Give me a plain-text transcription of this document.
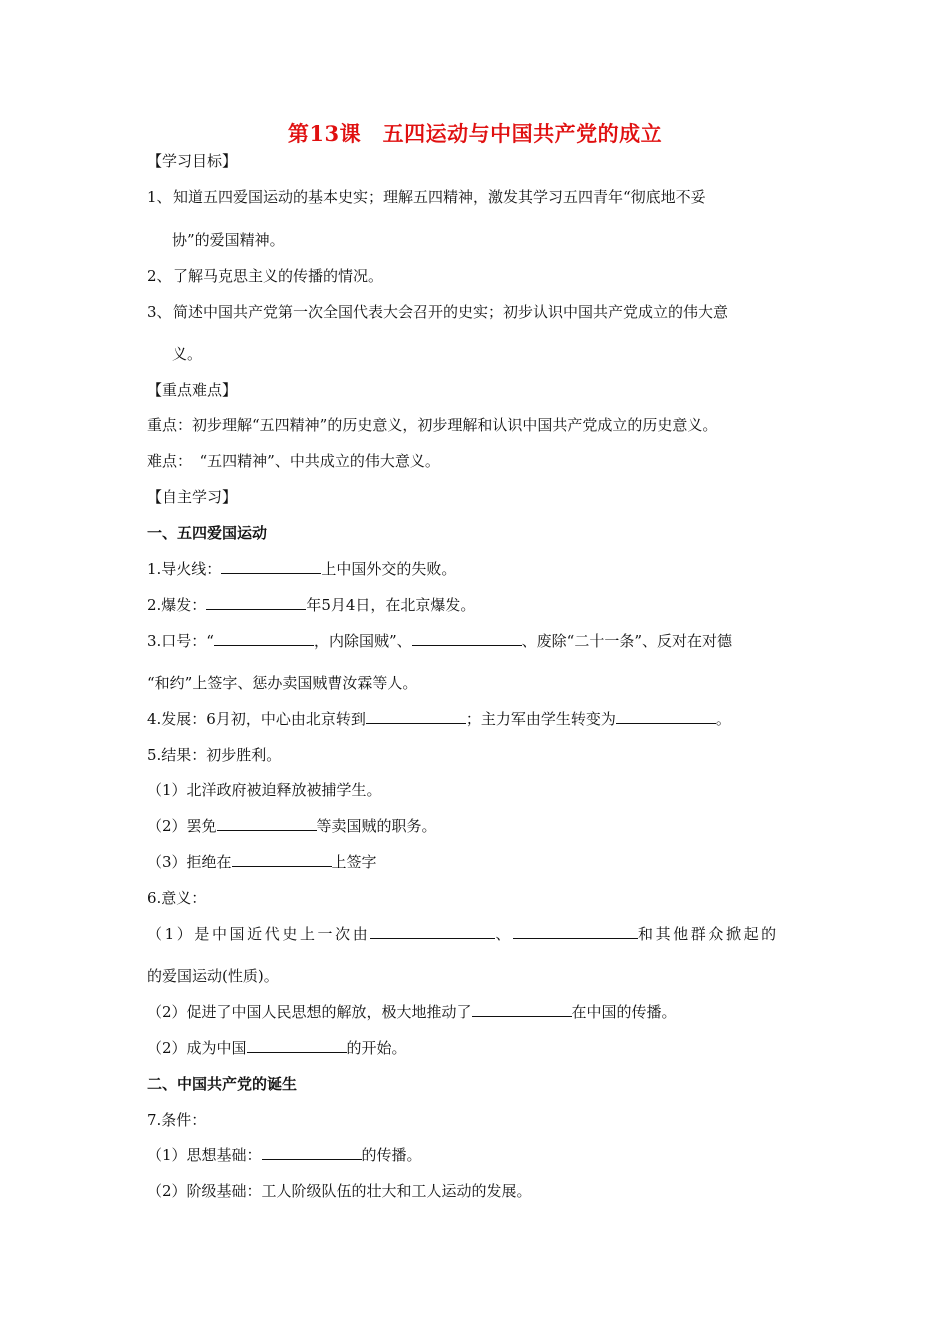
第13课　五四运动与中国共产党的成立
【学习目标】
1、知道五四爱国运动的基本史实；理解五四精神，激发其学习五四青年“彻底地不妥
协”的爱国精神。
2、了解马克思主义的传播的情况。
3、简述中国共产党第一次全国代表大会召开的史实；初步认识中国共产党成立的伟大意
义。
【重点难点】
重点：初步理解“五四精神”的历史意义，初步理解和认识中国共产党成立的历史意义。
难点：　“五四精神”、中共成立的伟大意义。
【自主学习】
一、五四爱国运动
1.导火线：	上中国外交的失败。
2.爆发：	年5月4日，在北京爆发。
3.口号：“	，内除国贼”、	、废除“二十一条”、反对在对德
“和约”上签字、惩办卖国贼曹汝霖等人。
4.发展：6月初，中心由北京转到	；主力军由学生转变为	。
5.结果：初步胜利。
（1）北洋政府被迫释放被捕学生。
（2）罢免	等卖国贼的职务。
（3）拒绝在	上签字
6.意义：
（1）是中国近代史上一次由	、	和其他群众掀起的
的爱国运动(性质)。
（2）促进了中国人民思想的解放，极大地推动了	在中国的传播。
（2）成为中国	的开始。
二、中国共产党的诞生
7.条件：
（1）思想基础：	的传播。
（2）阶级基础：工人阶级队伍的壮大和工人运动的发展。
